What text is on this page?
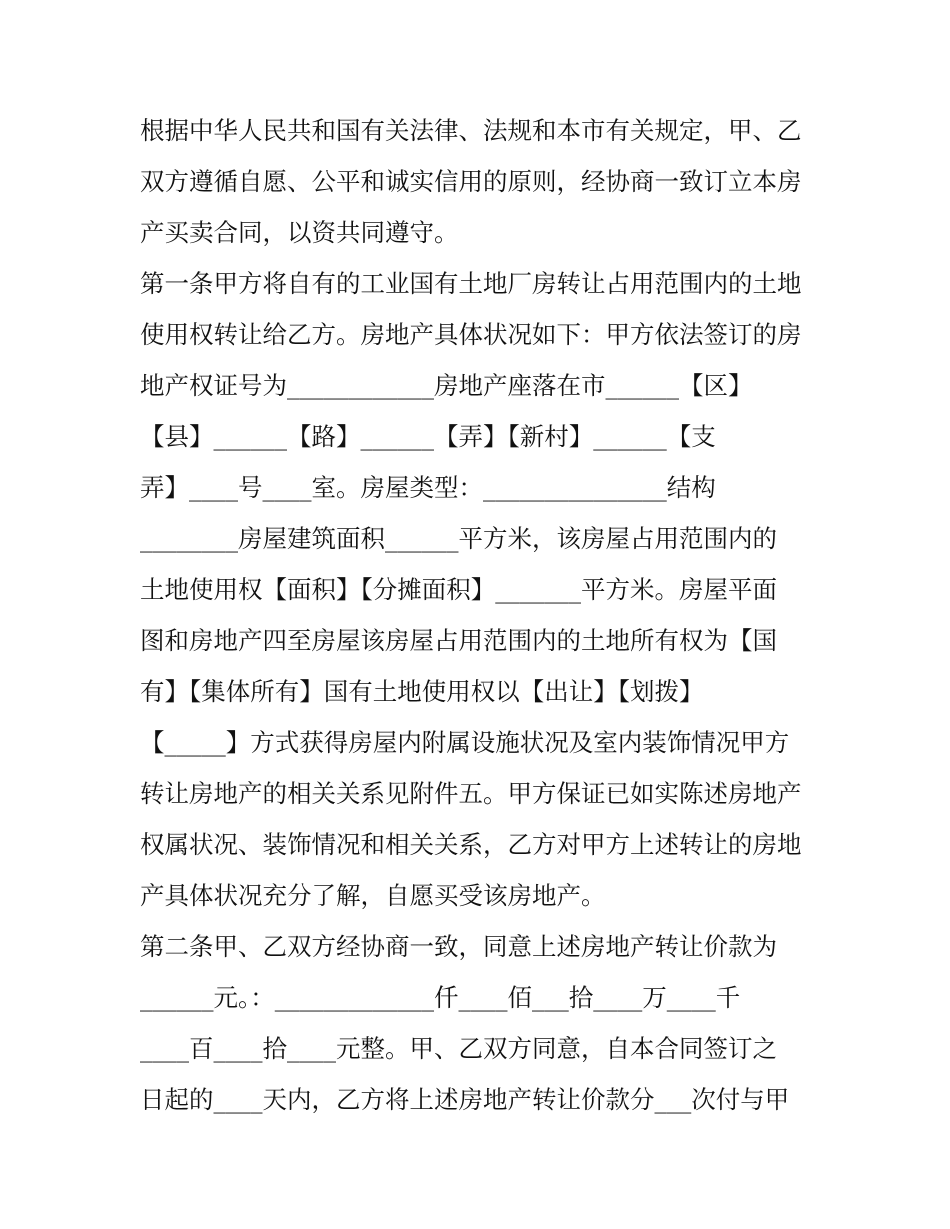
根据中华人民共和国有关法律、法规和本市有关规定，甲、乙
双方遵循自愿、公平和诚实信用的原则，经协商一致订立本房
产买卖合同，以资共同遵守。
第一条甲方将自有的工业国有土地厂房转让占用范围内的土地
使用权转让给乙方。房地产具体状况如下：甲方依法签订的房
地产权证号为____________房地产座落在市______【区】
【县】______【路】______【弄】【新村】______【支
弄】____号____室。房屋类型：_______________结构
________房屋建筑面积______平方米，该房屋占用范围内的
土地使用权【面积】【分摊面积】_______平方米。房屋平面
图和房地产四至房屋该房屋占用范围内的土地所有权为【国
有】【集体所有】国有土地使用权以【出让】【划拨】
【_____】方式获得房屋内附属设施状况及室内装饰情况甲方
转让房地产的相关关系见附件五。甲方保证已如实陈述房地产
权属状况、装饰情况和相关关系，乙方对甲方上述转让的房地
产具体状况充分了解，自愿买受该房地产。
第二条甲、乙双方经协商一致，同意上述房地产转让价款为
______元。：_____________仟____佰___拾____万____千
____百____拾____元整。甲、乙双方同意，自本合同签订之
日起的____天内，乙方将上述房地产转让价款分___次付与甲
